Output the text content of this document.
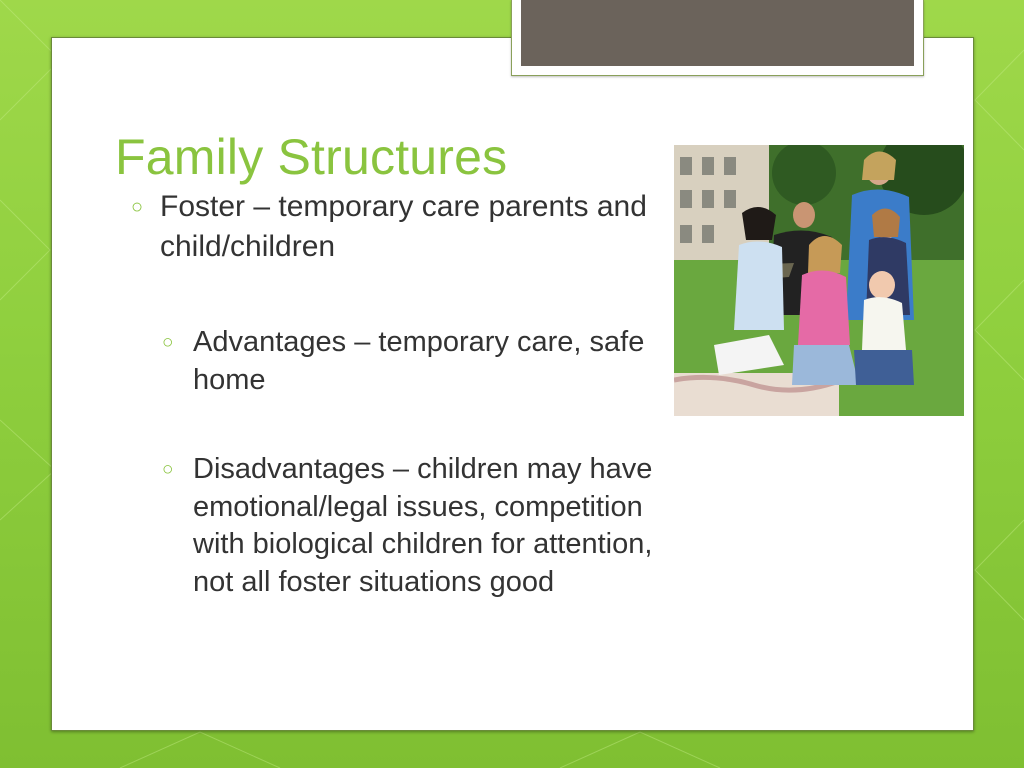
Family Structures
○ Foster – temporary care parents and child/children
○ Advantages – temporary care, safe home
○ Disadvantages – children may have emotional/legal issues, competition with biological children for attention, not all foster situations good
